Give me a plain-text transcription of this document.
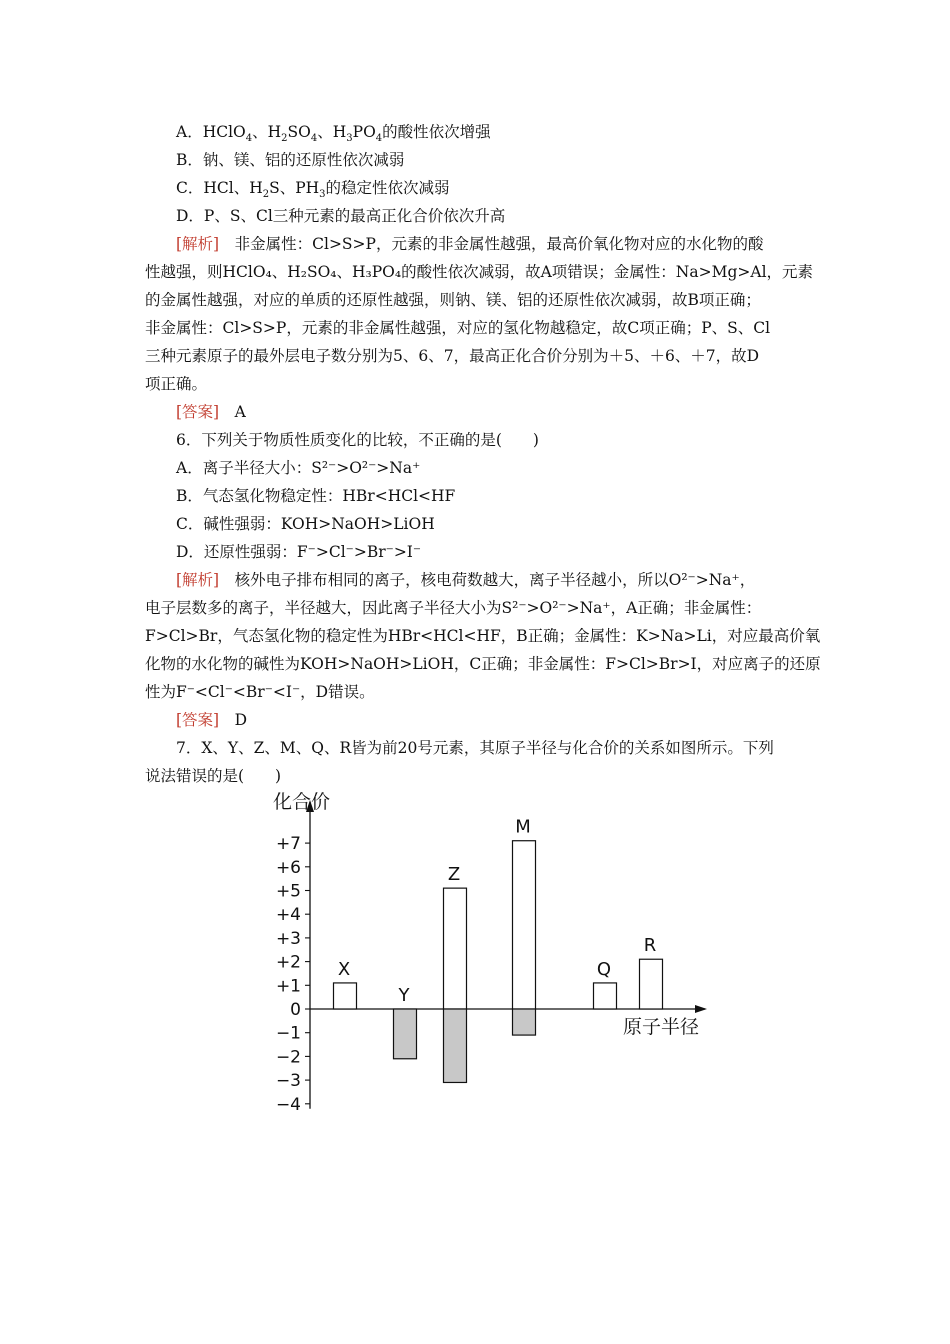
A．HClO$_4$、$H_2SO_4$、$H_3PO_4$的酸性依次增强
B．钠、镁、铝的还原性依次减弱
C．HCl、$H_2S$、$PH_3$的稳定性依次减弱
D．P、S、Cl三种元素的最高正化合价依次升高
[解析]　 非金属性：Cl>S>P，元素的非金属性越强，最高价氧化物对应的水化物的酸
性越强，则HClO₄、H₂SO₄、H₃PO₄的酸性依次减弱，故A项错误；金属性：Na>Mg>Al，元素
的金属性越强，对应的单质的还原性越强，则钠、镁、铝的还原性依次减弱，故B项正确；
非金属性：Cl>S>P，元素的非金属性越强，对应的氢化物越稳定，故C项正确；P、S、Cl
三种元素原子的最外层电子数分别为5、6、7，最高正化合价分别为＋5、＋6、＋7，故D
项正确。
[答案]　 A
6．下列关于物质性质变化的比较，不正确的是(　　)
A．离子半径大小：S²⁻>O²⁻>Na⁺
B．气态氢化物稳定性：HBr<HCl<HF
C．碱性强弱：KOH>NaOH>LiOH
D．还原性强弱：F⁻>Cl⁻>Br⁻>I⁻
[解析]　 核外电子排布相同的离子，核电荷数越大，离子半径越小，所以O²⁻>Na⁺，
电子层数多的离子，半径越大，因此离子半径大小为S²⁻>O²⁻>Na⁺，A正确；非金属性：
F>Cl>Br，气态氢化物的稳定性为HBr<HCl<HF，B正确；金属性：K>Na>Li，对应最高价氧
化物的水化物的碱性为KOH>NaOH>LiOH，C正确；非金属性：F>Cl>Br>I，对应离子的还原
性为F⁻<Cl⁻<Br⁻<I⁻，D错误。
[答案]　 D
7．X、Y、Z、M、Q、R皆为前20号元素，其原子半径与化合价的关系如图所示。下列
说法错误的是(　　)
化合价
原子半径
+7
+6
+5
+4
+3
+2
+1
0
−1
−2
−3
−4
X
Y
Z
M
Q
R
